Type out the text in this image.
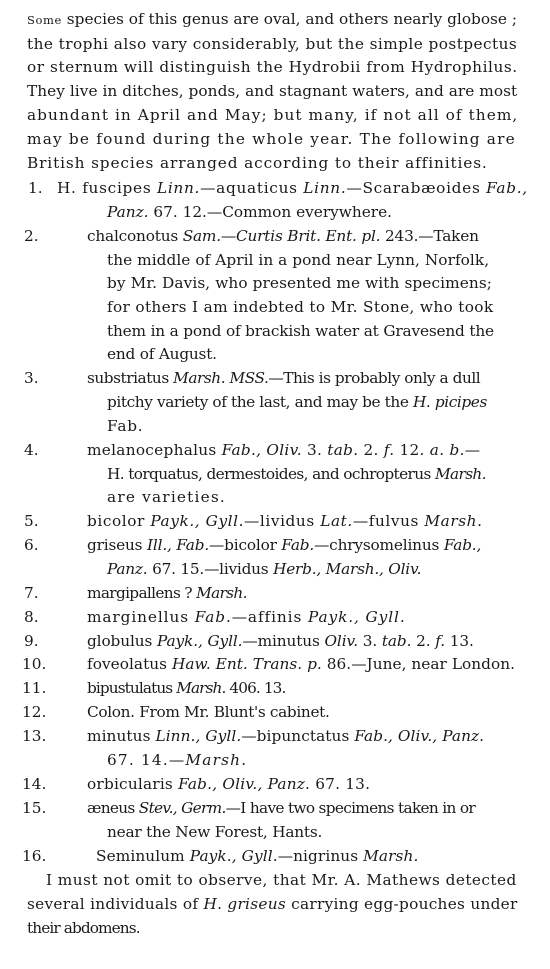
Some species of this genus are oval, and others nearly globose ;
the trophi also vary considerably, but the simple postpectus
or sternum will distinguish the Hydrobii from Hydrophilus.
They live in ditches, ponds, and stagnant waters, and are most
abundant in April and May; but many, if not all of them,
may be found during the whole year. The following are
British species arranged according to their affinities.
1. H. fuscipes Linn.—aquaticus Linn.—Scarabæoides Fab.,
Panz. 67. 12.—Common everywhere.
2.	chalconotus Sam.—Curtis Brit. Ent. pl. 243.—Taken
the middle of April in a pond near Lynn, Norfolk,
by Mr. Davis, who presented me with specimens;
for others I am indebted to Mr. Stone, who took
them in a pond of brackish water at Gravesend the
end of August.
3.	substriatus Marsh. MSS.—This is probably only a dull
pitchy variety of the last, and may be the H. picipes
Fab.
4.	melanocephalus Fab., Oliv. 3. tab. 2. f. 12. a. b.—
H. torquatus, dermestoides, and ochropterus Marsh.
are varieties.
5.	bicolor Payk., Gyll.—lividus Lat.—fulvus Marsh.
6.	griseus Ill., Fab.—bicolor Fab.—chrysomelinus Fab.,
Panz. 67. 15.—lividus Herb., Marsh., Oliv.
7.	margipallens ? Marsh.
8.	marginellus Fab.—affinis Payk., Gyll.
9.	globulus Payk., Gyll.—minutus Oliv. 3. tab. 2. f. 13.
10.	foveolatus Haw. Ent. Trans. p. 86.—June, near London.
11.	bipustulatus Marsh. 406. 13.
12.	Colon. From Mr. Blunt's cabinet.
13.	minutus Linn., Gyll.—bipunctatus Fab., Oliv., Panz.
67. 14.—Marsh.
14.	orbicularis Fab., Oliv., Panz. 67. 13.
15.	æneus Stev., Germ.—I have two specimens taken in or
near the New Forest, Hants.
16.	Seminulum Payk., Gyll.—nigrinus Marsh.
I must not omit to observe, that Mr. A. Mathews detected
several individuals of H. griseus carrying egg-pouches under
their abdomens.
